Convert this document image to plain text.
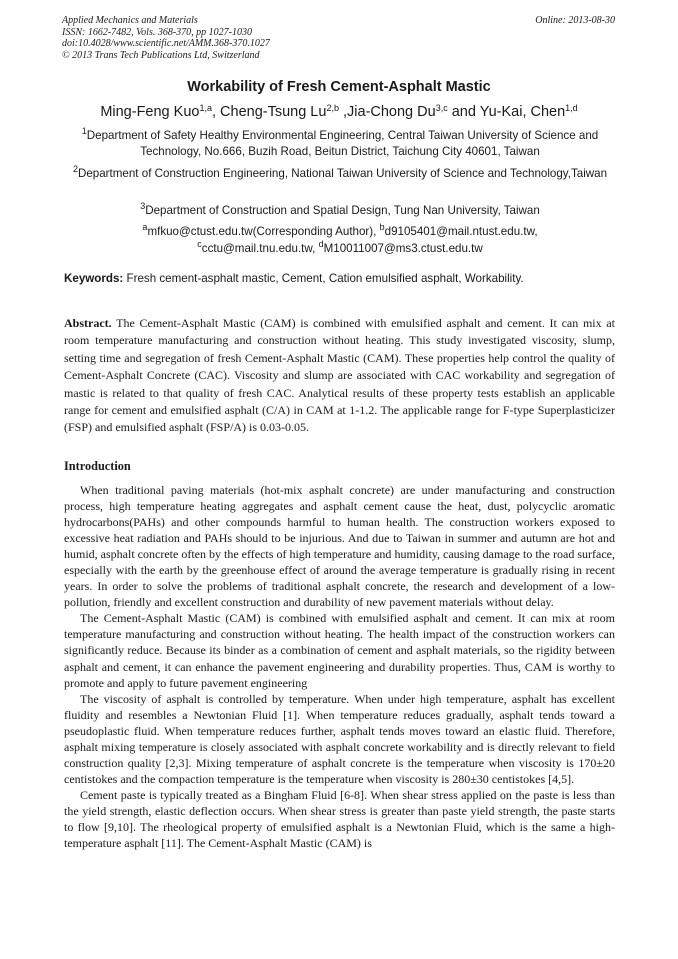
Applied Mechanics and Materials
ISSN: 1662-7482, Vols. 368-370, pp 1027-1030
doi:10.4028/www.scientific.net/AMM.368-370.1027
© 2013 Trans Tech Publications Ltd, Switzerland
Online: 2013-08-30
Workability of Fresh Cement-Asphalt Mastic
Ming-Feng Kuo$^{1,a}$, Cheng-Tsung Lu$^{2,b}$ ,Jia-Chong Du$^{3,c}$ and Yu-Kai, Chen$^{1,d}$
$^1$Department of Safety Healthy Environmental Engineering, Central Taiwan University of Science and Technology, No.666, Buzih Road, Beitun District, Taichung City 40601, Taiwan
$^2$Department of Construction Engineering, National Taiwan University of Science and Technology,Taiwan
$^3$Department of Construction and Spatial Design, Tung Nan University, Taiwan
$^a$mfkuo@ctust.edu.tw(Corresponding Author), $^b$d9105401@mail.ntust.edu.tw,
$^c$cctu@mail.tnu.edu.tw, $^d$M10011007@ms3.ctust.edu.tw
Keywords: Fresh cement-asphalt mastic, Cement, Cation emulsified asphalt, Workability.
Abstract. The Cement-Asphalt Mastic (CAM) is combined with emulsified asphalt and cement. It can mix at room temperature manufacturing and construction without heating. This study investigated viscosity, slump, setting time and segregation of fresh Cement-Asphalt Mastic (CAM). These properties help control the quality of Cement-Asphalt Concrete (CAC). Viscosity and slump are associated with CAC workability and segregation of mastic is related to that quality of fresh CAC. Analytical results of these property tests establish an applicable range for cement and emulsified asphalt (C/A) in CAM at 1-1.2. The applicable range for F-type Superplasticizer (FSP) and emulsified asphalt (FSP/A) is 0.03-0.05.
Introduction

When traditional paving materials (hot-mix asphalt concrete) are under manufacturing and construction process, high temperature heating aggregates and asphalt cement cause the heat, dust, polycyclic aromatic hydrocarbons(PAHs) and other compounds harmful to human health. The construction workers exposed to excessive heat radiation and PAHs should to be injurious. And due to Taiwan in summer and autumn are hot and humid, asphalt concrete often by the effects of high temperature and humidity, causing damage to the road surface, especially with the earth by the greenhouse effect of around the average temperature is gradually rising in recent years. In order to solve the problems of traditional asphalt concrete, the research and development of a low-pollution, friendly and excellent construction and durability of new pavement materials without delay.

The Cement-Asphalt Mastic (CAM) is combined with emulsified asphalt and cement. It can mix at room temperature manufacturing and construction without heating. The health impact of the construction workers can significantly reduce. Because its binder as a combination of cement and asphalt materials, so the rigidity between asphalt and cement, it can enhance the pavement engineering and durability properties. Thus, CAM is worthy to promote and apply to future pavement engineering

The viscosity of asphalt is controlled by temperature. When under high temperature, asphalt has excellent fluidity and resembles a Newtonian Fluid [1]. When temperature reduces gradually, asphalt tends toward a pseudoplastic fluid. When temperature reduces further, asphalt tends moves toward an elastic fluid. Therefore, asphalt mixing temperature is closely associated with asphalt concrete workability and is directly relevant to field construction quality [2,3]. Mixing temperature of asphalt concrete is the temperature when viscosity is 170±20 centistokes and the compaction temperature is the temperature when viscosity is 280±30 centistokes [4,5].

Cement paste is typically treated as a Bingham Fluid [6-8]. When shear stress applied on the paste is less than the yield strength, elastic deflection occurs. When shear stress is greater than paste yield strength, the paste starts to flow [9,10]. The rheological property of emulsified asphalt is a Newtonian Fluid, which is the same a high-temperature asphalt [11]. The Cement-Asphalt Mastic (CAM) is
